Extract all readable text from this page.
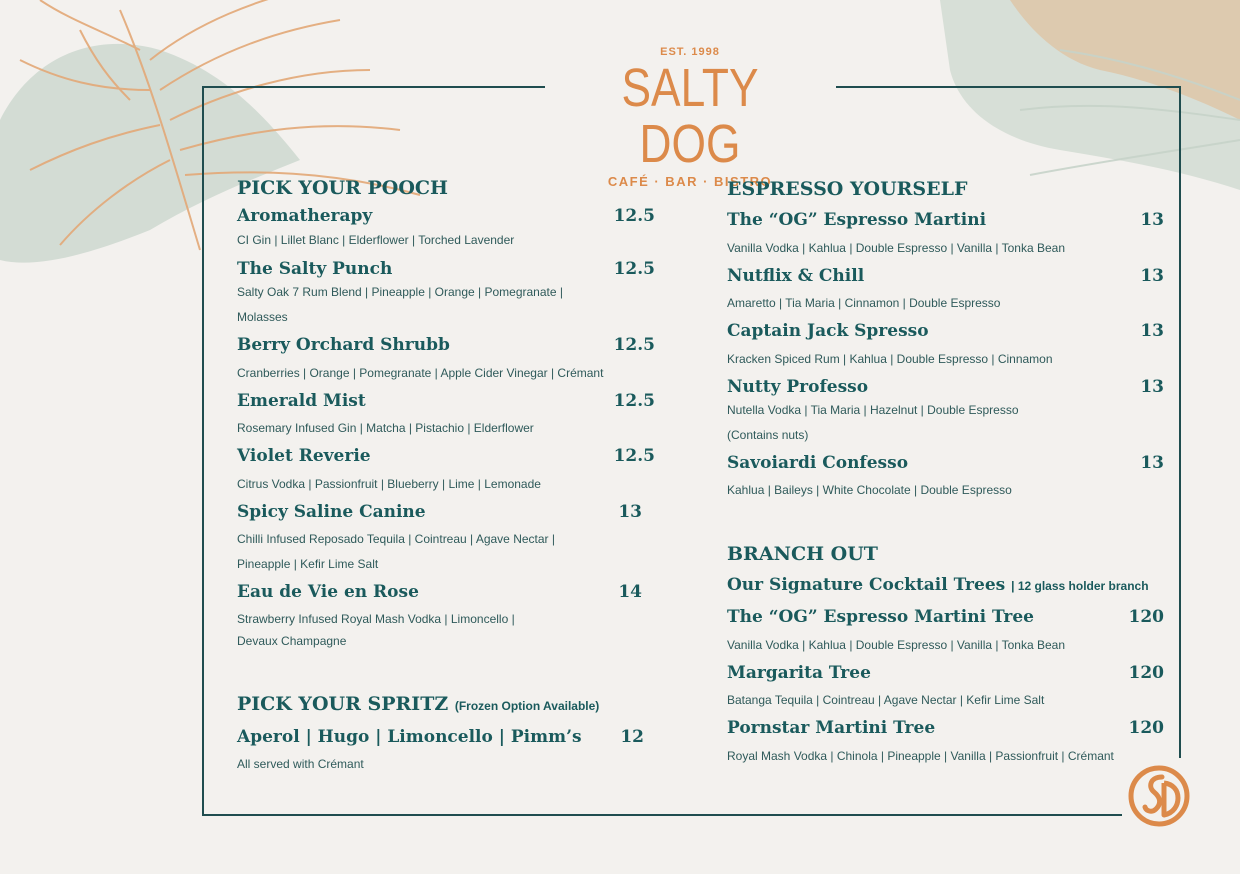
EST. 1998
SALTY DOG
CAFÉ · BAR · BISTRO
PICK YOUR POOCH
Aromatherapy	12.5
CI Gin | Lillet Blanc | Elderflower | Torched Lavender
The Salty Punch	12.5
Salty Oak 7 Rum Blend | Pineapple | Orange | Pomegranate |
Molasses
Berry Orchard Shrubb	12.5
Cranberries | Orange | Pomegranate | Apple Cider Vinegar | Crémant
Emerald Mist	12.5
Rosemary Infused Gin | Matcha | Pistachio | Elderflower
Violet Reverie	12.5
Citrus Vodka | Passionfruit | Blueberry | Lime | Lemonade
Spicy Saline Canine	13
Chilli Infused Reposado Tequila | Cointreau | Agave Nectar |
Pineapple | Kefir Lime Salt
Eau de Vie en Rose	14
Strawberry Infused Royal Mash Vodka | Limoncello |
Devaux Champagne
PICK YOUR SPRITZ (Frozen Option Available)
Aperol | Hugo | Limoncello | Pimm’s	12
All served with Crémant
ESPRESSO YOURSELF
The “OG” Espresso Martini	13
Vanilla Vodka | Kahlua | Double Espresso | Vanilla | Tonka Bean
Nutflix & Chill	13
Amaretto | Tia Maria | Cinnamon | Double Espresso
Captain Jack Spresso	13
Kracken Spiced Rum | Kahlua | Double Espresso | Cinnamon
Nutty Professo	13
Nutella Vodka | Tia Maria | Hazelnut | Double Espresso
(Contains nuts)
Savoiardi Confesso	13
Kahlua | Baileys | White Chocolate | Double Espresso
BRANCH OUT
Our Signature Cocktail Trees | 12 glass holder branch
The “OG” Espresso Martini Tree	120
Vanilla Vodka | Kahlua | Double Espresso | Vanilla | Tonka Bean
Margarita Tree	120
Batanga Tequila | Cointreau | Agave Nectar | Kefir Lime Salt
Pornstar Martini Tree	120
Royal Mash Vodka | Chinola | Pineapple | Vanilla | Passionfruit | Crémant
